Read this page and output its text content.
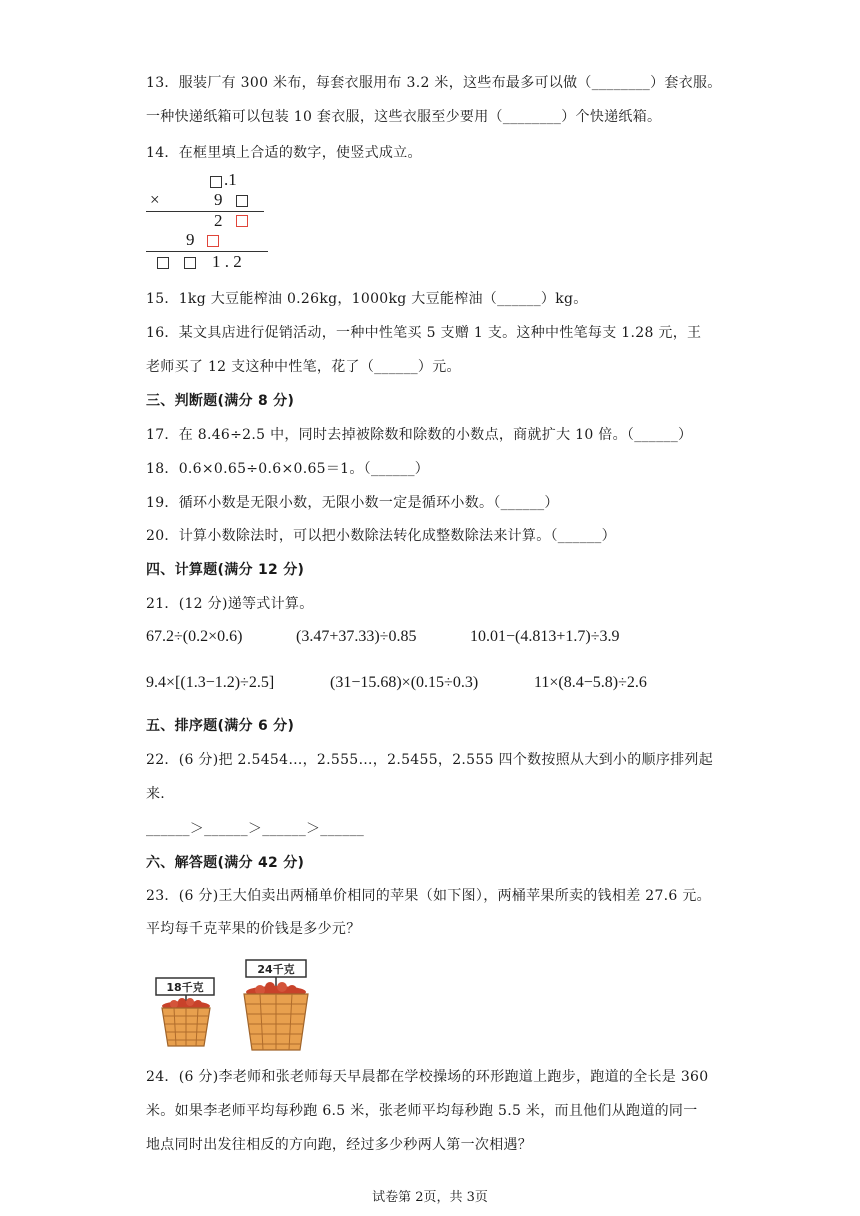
13．服装厂有 300 米布，每套衣服用布 3.2 米，这些布最多可以做（________）套衣服。
一种快递纸箱可以包装 10 套衣服，这些衣服至少要用（________）个快递纸箱。
14．在框里填上合适的数字，使竖式成立。
.1
×	9
2
9
1 . 2
15．1kg 大豆能榨油 0.26kg，1000kg 大豆能榨油（______）kg。
16．某文具店进行促销活动，一种中性笔买 5 支赠 1 支。这种中性笔每支 1.28 元，王
老师买了 12 支这种中性笔，花了（______）元。
三、判断题(满分 8 分)
17．在 8.46÷2.5 中，同时去掉被除数和除数的小数点，商就扩大 10 倍。（______）
18．0.6×0.65÷0.6×0.65＝1。（______）
19．循环小数是无限小数，无限小数一定是循环小数。（______）
20．计算小数除法时，可以把小数除法转化成整数除法来计算。（______）
四、计算题(满分 12 分)
21．(12 分)递等式计算。
67.2÷(0.2×0.6)	(3.47+37.33)÷0.85	10.01−(4.813+1.7)÷3.9
9.4×[(1.3−1.2)÷2.5]	(31−15.68)×(0.15÷0.3)	11×(8.4−5.8)÷2.6
五、排序题(满分 6 分)
22．(6 分)把 2.5454…，2.555…，2.5455，2.555 四个数按照从大到小的顺序排列起
来.
______＞______＞______＞______
六、解答题(满分 42 分)
23．(6 分)王大伯卖出两桶单价相同的苹果（如下图），两桶苹果所卖的钱相差 27.6 元。
平均每千克苹果的价钱是多少元？
18千克
24千克
24．(6 分)李老师和张老师每天早晨都在学校操场的环形跑道上跑步，跑道的全长是 360
米。如果李老师平均每秒跑 6.5 米，张老师平均每秒跑 5.5 米，而且他们从跑道的同一
地点同时出发往相反的方向跑，经过多少秒两人第一次相遇？
试卷第 2页，共 3页
